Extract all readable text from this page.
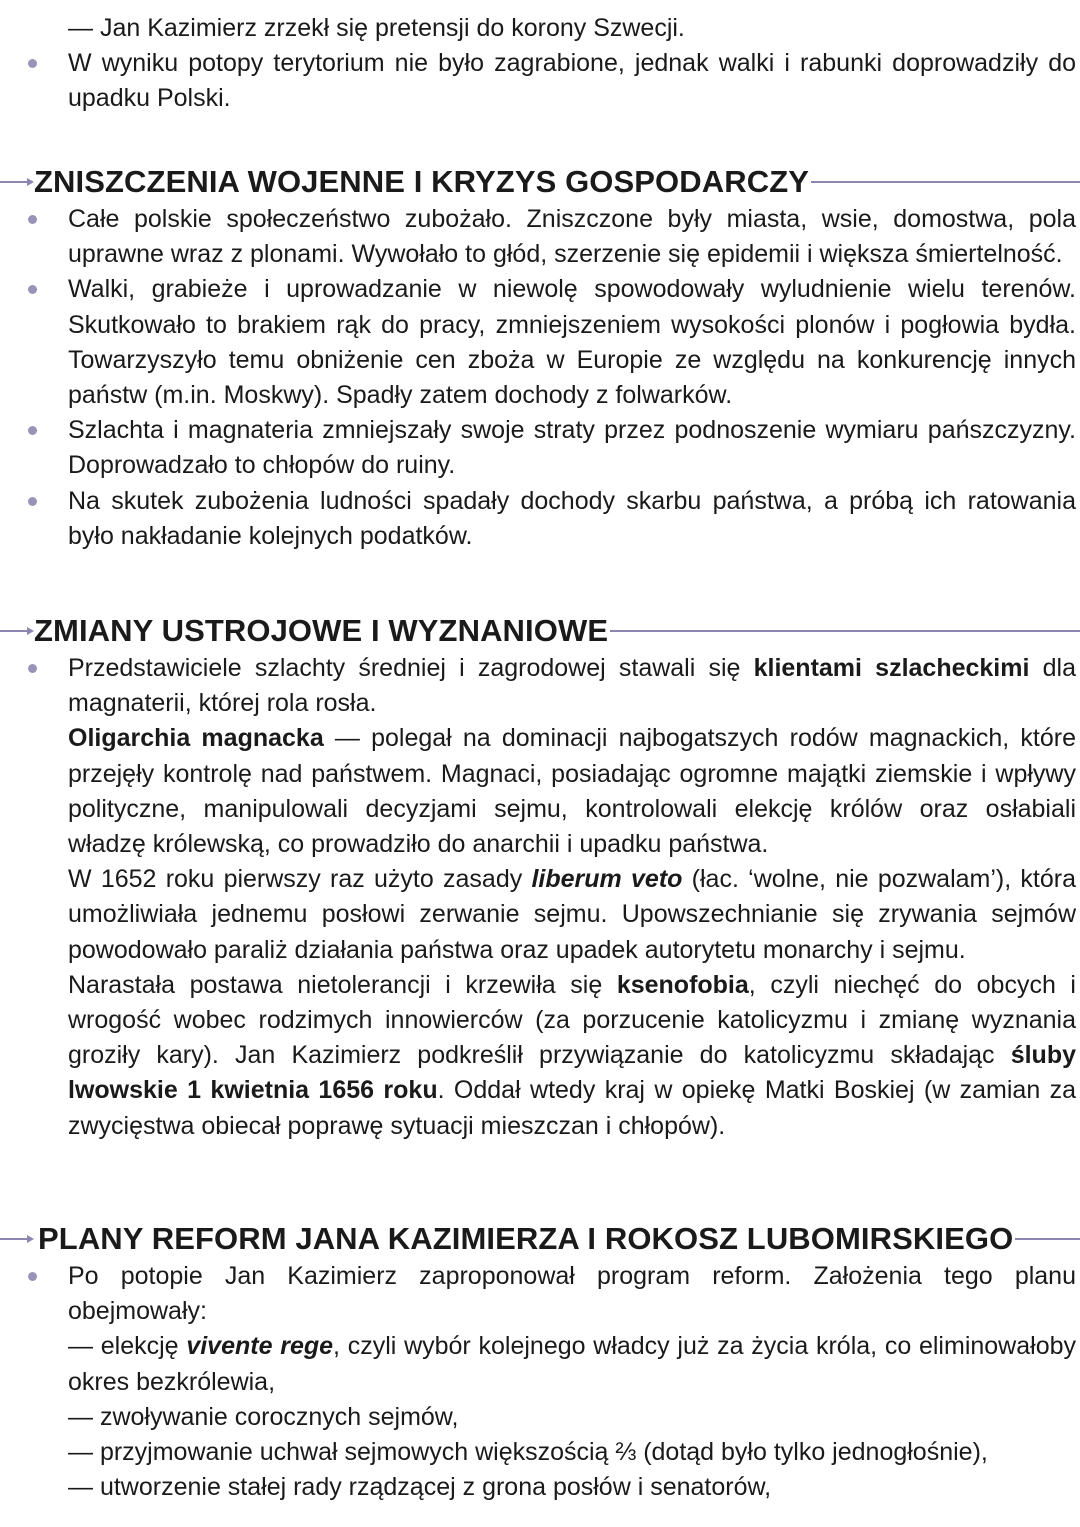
— Jan Kazimierz zrzekł się pretensji do korony Szwecji.
W wyniku potopy terytorium nie było zagrabione, jednak walki i rabunki doprowadziły do upadku Polski.
ZNISZCZENIA WOJENNE I KRYZYS GOSPODARCZY
Całe polskie społeczeństwo zubożało. Zniszczone były miasta, wsie, domostwa, pola uprawne wraz z plonami. Wywołało to głód, szerzenie się epidemii i większa śmiertelność.
Walki, grabieże i uprowadzanie w niewolę spowodowały wyludnienie wielu terenów. Skutkowało to brakiem rąk do pracy, zmniejszeniem wysokości plonów i pogłowia bydła. Towarzyszyło temu obniżenie cen zboża w Europie ze względu na konkurencję innych państw (m.in. Moskwy). Spadły zatem dochody z folwarków.
Szlachta i magnateria zmniejszały swoje straty przez podnoszenie wymiaru pańszczyzny. Doprowadzało to chłopów do ruiny.
Na skutek zubożenia ludności spadały dochody skarbu państwa, a próbą ich ratowania było nakładanie kolejnych podatków.
ZMIANY USTROJOWE I WYZNANIOWE
Przedstawiciele szlachty średniej i zagrodowej stawali się klientami szlacheckimi dla magnaterii, której rola rosła.
Oligarchia magnacka — polegał na dominacji najbogatszych rodów magnackich, które przejęły kontrolę nad państwem. Magnaci, posiadając ogromne majątki ziemskie i wpływy polityczne, manipulowali decyzjami sejmu, kontrolowali elekcję królów oraz osłabiali władzę królewską, co prowadziło do anarchii i upadku państwa.
W 1652 roku pierwszy raz użyto zasady liberum veto (łac. ‘wolne, nie pozwalam’), która umożliwiała jednemu posłowi zerwanie sejmu. Upowszechnianie się zrywania sejmów powodowało paraliż działania państwa oraz upadek autorytetu monarchy i sejmu.
Narastała postawa nietolerancji i krzewiła się ksenofobia, czyli niechęć do obcych i wrogość wobec rodzimych innowierców (za porzucenie katolicyzmu i zmianę wyznania groziły kary). Jan Kazimierz podkreślił przywiązanie do katolicyzmu składając śluby lwowskie 1 kwietnia 1656 roku. Oddał wtedy kraj w opiekę Matki Boskiej (w zamian za zwycięstwa obiecał poprawę sytuacji mieszczan i chłopów).
PLANY REFORM JANA KAZIMIERZA I ROKOSZ LUBOMIRSKIEGO
Po potopie Jan Kazimierz zaproponował program reform. Założenia tego planu obejmowały:
— elekcję vivente rege, czyli wybór kolejnego władcy już za życia króla, co eliminowałoby okres bezkrólewia,
— zwoływanie corocznych sejmów,
— przyjmowanie uchwał sejmowych większością ⅔ (dotąd było tylko jednogłośnie),
— utworzenie stałej rady rządzącej z grona posłów i senatorów,
